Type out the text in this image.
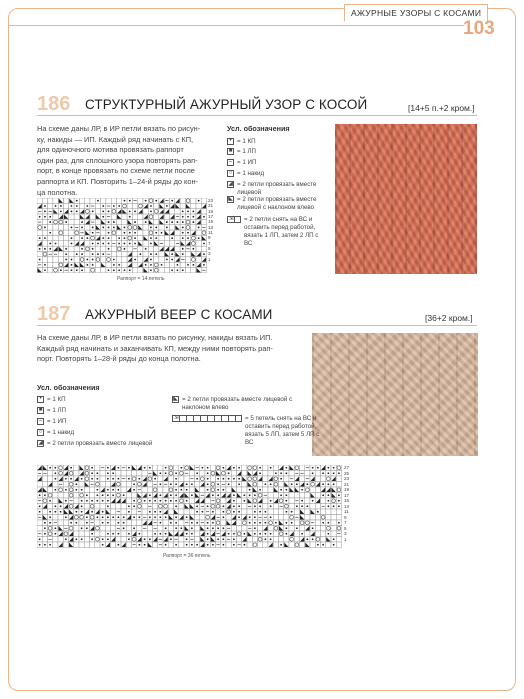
АЖУРНЫЕ УЗОРЫ С КОСАМИ
103
186 СТРУКТУРНЫЙ АЖУРНЫЙ УЗОР С КОСОЙ	[14+5 п.+2 кром.]
На схеме даны ЛР, в ИР петли вязать по рисун-
ку, накиды — ИП. Каждый ряд начинать с КП,
для одиночного мотива провязать раппорт
один раз, для сплошного узора повторять рап-
порт, в конце провязать по схеме петли после
раппорта и КП. Повторить 1–24-й ряды до кон-
ца полотна.
Усл. обозначения
• = 1 КП
■ = 1 ЛП
– = 1 ИП
○ = 1 накид
◢ = 2 петли провязать вместе лицевой
◣ = 2 петли провязать вместе лицевой с наклоном влево
⇲ = 2 петли снять на ВС и оставить перед работой, вязать 1 ЛП, затем 2 ЛП с ВС
23
21
19
17
15
13
11
9
7
5
3
1
Раппорт = 14 петель
187 АЖУРНЫЙ ВЕЕР С КОСАМИ	[36+2 кром.]
На схеме даны ЛР, в ИР петли вязать по рисунку, накиды вязать ИП.
Каждый ряд начинать и заканчивать КП, между ними повторять рап-
порт. Повторять 1–28-й ряды до конца полотна.
Усл. обозначения
• = 1 КП
■ = 1 ЛП
– = 1 ИП
○ = 1 накид
◢ = 2 петли провязать вместе лицевой
◣ = 2 петли провязать вместе лицевой с наклоном влево
⇲	= 5 петель снять на ВС и оставить перед работой, вязать 5 ЛП, затем 5 ЛП с ВС
27
25
23
21
19
17
15
13
11
9
7
5
3
1
Раппорт = 36 петель
